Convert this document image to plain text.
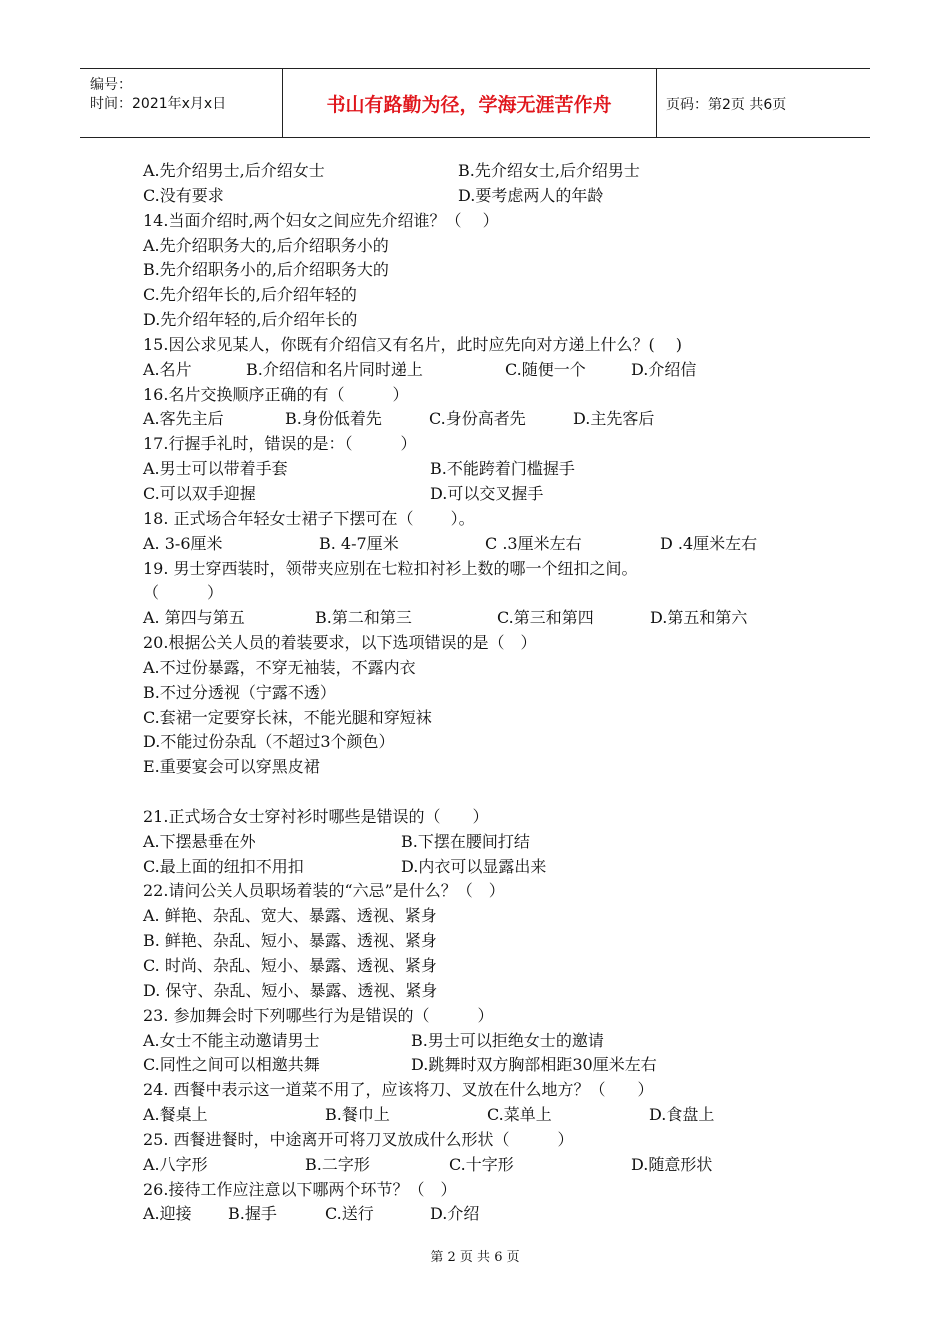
编号：
时间：2021年x月x日	书山有路勤为径，学海无涯苦作舟	页码：第2页 共6页
A.先介绍男士,后介绍女士	B.先介绍女士,后介绍男士
C.没有要求	D.要考虑两人的年龄
14.当面介绍时,两个妇女之间应先介绍谁？（　 ）
A.先介绍职务大的,后介绍职务小的
B.先介绍职务小的,后介绍职务大的
C.先介绍年长的,后介绍年轻的
D.先介绍年轻的,后介绍年长的
15.因公求见某人，你既有介绍信又有名片，此时应先向对方递上什么？(　 )
A.名片	B.介绍信和名片同时递上	C.随便一个	D.介绍信
16.名片交换顺序正确的有（　　　）
A.客先主后	B.身份低着先	C.身份高者先	D.主先客后
17.行握手礼时，错误的是：（　　　）
A.男士可以带着手套	B.不能跨着门槛握手
C.可以双手迎握	D.可以交叉握手
18. 正式场合年轻女士裙子下摆可在（　　 ）。
A. 3-6厘米	B. 4-7厘米	C .3厘米左右	D .4厘米左右
19. 男士穿西装时，领带夹应别在七粒扣衬衫上数的哪一个纽扣之间。
（　　　）
A. 第四与第五	B.第二和第三	C.第三和第四	D.第五和第六
20.根据公关人员的着装要求，以下选项错误的是（　）
A.不过份暴露，不穿无袖装，不露内衣
B.不过分透视（宁露不透）
C.套裙一定要穿长袜，不能光腿和穿短袜
D.不能过份杂乱（不超过3个颜色）
E.重要宴会可以穿黑皮裙
21.正式场合女士穿衬衫时哪些是错误的（　　）
A.下摆悬垂在外	B.下摆在腰间打结
C.最上面的纽扣不用扣	D.内衣可以显露出来
22.请问公关人员职场着装的“六忌”是什么？（　）
A. 鲜艳、杂乱、宽大、暴露、透视、紧身
B. 鲜艳、杂乱、短小、暴露、透视、紧身
C. 时尚、杂乱、短小、暴露、透视、紧身
D. 保守、杂乱、短小、暴露、透视、紧身
23. 参加舞会时下列哪些行为是错误的（　　　）
A.女士不能主动邀请男士	B.男士可以拒绝女士的邀请
C.同性之间可以相邀共舞	D.跳舞时双方胸部相距30厘米左右
24. 西餐中表示这一道菜不用了，应该将刀、叉放在什么地方？（　　）
A.餐桌上	B.餐巾上	C.菜单上	D.食盘上
25. 西餐进餐时，中途离开可将刀叉放成什么形状（　　　）
A.八字形	B.二字形	C.十字形	D.随意形状
26.接待工作应注意以下哪两个环节？（　）
A.迎接 B.握手	C.送行	D.介绍
第 2 页 共 6 页
